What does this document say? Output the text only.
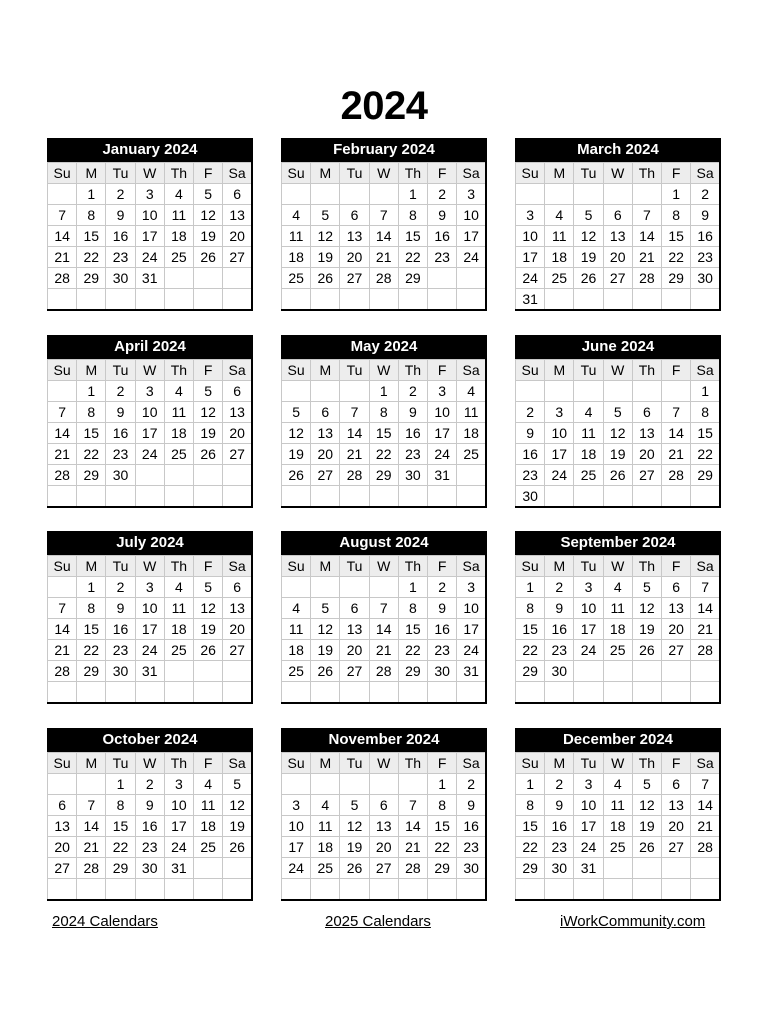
2024
January 2024
Su	M	Tu	W	Th	F	Sa
	1	2	3	4	5	6
7	8	9	10	11	12	13
14	15	16	17	18	19	20
21	22	23	24	25	26	27
28	29	30	31			

February 2024
Su	M	Tu	W	Th	F	Sa
				1	2	3
4	5	6	7	8	9	10
11	12	13	14	15	16	17
18	19	20	21	22	23	24
25	26	27	28	29		

March 2024
Su	M	Tu	W	Th	F	Sa
					1	2
3	4	5	6	7	8	9
10	11	12	13	14	15	16
17	18	19	20	21	22	23
24	25	26	27	28	29	30
31						
April 2024
Su	M	Tu	W	Th	F	Sa
	1	2	3	4	5	6
7	8	9	10	11	12	13
14	15	16	17	18	19	20
21	22	23	24	25	26	27
28	29	30				

May 2024
Su	M	Tu	W	Th	F	Sa
			1	2	3	4
5	6	7	8	9	10	11
12	13	14	15	16	17	18
19	20	21	22	23	24	25
26	27	28	29	30	31	

June 2024
Su	M	Tu	W	Th	F	Sa
						1
2	3	4	5	6	7	8
9	10	11	12	13	14	15
16	17	18	19	20	21	22
23	24	25	26	27	28	29
30						
July 2024
Su	M	Tu	W	Th	F	Sa
	1	2	3	4	5	6
7	8	9	10	11	12	13
14	15	16	17	18	19	20
21	22	23	24	25	26	27
28	29	30	31			

August 2024
Su	M	Tu	W	Th	F	Sa
				1	2	3
4	5	6	7	8	9	10
11	12	13	14	15	16	17
18	19	20	21	22	23	24
25	26	27	28	29	30	31

September 2024
Su	M	Tu	W	Th	F	Sa
1	2	3	4	5	6	7
8	9	10	11	12	13	14
15	16	17	18	19	20	21
22	23	24	25	26	27	28
29	30					

October 2024
Su	M	Tu	W	Th	F	Sa
		1	2	3	4	5
6	7	8	9	10	11	12
13	14	15	16	17	18	19
20	21	22	23	24	25	26
27	28	29	30	31		

November 2024
Su	M	Tu	W	Th	F	Sa
					1	2
3	4	5	6	7	8	9
10	11	12	13	14	15	16
17	18	19	20	21	22	23
24	25	26	27	28	29	30

December 2024
Su	M	Tu	W	Th	F	Sa
1	2	3	4	5	6	7
8	9	10	11	12	13	14
15	16	17	18	19	20	21
22	23	24	25	26	27	28
29	30	31				

2024 Calendars	2025 Calendars	iWorkCommunity.com
